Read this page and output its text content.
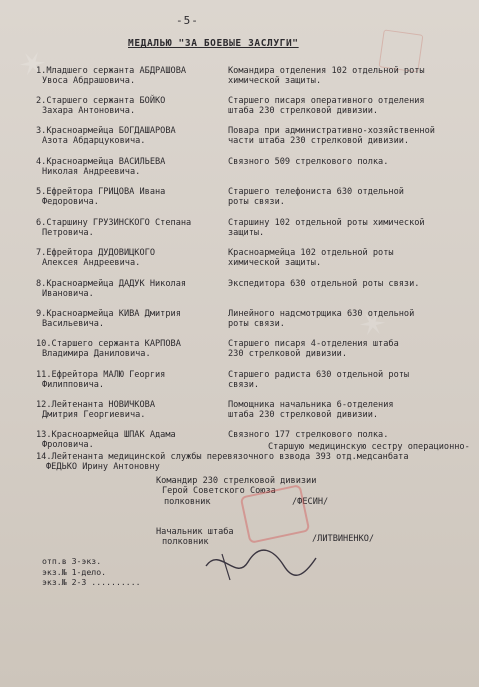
✶
✶
-5-
МЕДАЛЬЮ "ЗА БОЕВЫЕ ЗАСЛУГИ"
1.Младшего сержанта АБДРАШОВА
Увоса Абдрашовича.
Командира отделения 102 отдельной роты
химической защиты.
2.Старшего сержанта БОЙКО
Захара Антоновича.
Старшего писаря оперативного отделения
штаба 230 стрелковой дивизии.
3.Красноармейца БОГДАШАРОВА
Азота Абдарцуковича.
Повара при административно-хозяйственной
части штаба 230 стрелковой дивизии.
4.Красноармейца ВАСИЛЬЕВА
Николая Андреевича.
Связного 509 стрелкового полка.
5.Ефрейтора ГРИЦОВА Ивана
Федоровича.
Старшего телефониста 630 отдельной
роты связи.
6.Старшину ГРУЗИНСКОГО Степана
Петровича.
Старшину 102 отдельной роты химической
защиты.
7.Ефрейтора ДУДОВИЦКОГО
Алексея Андреевича.
Красноармейца 102 отдельной роты
химической защиты.
8.Красноармейца ДАДУК Николая
Ивановича.
Экспедитора 630 отдельной роты связи.
9.Красноармейца КИВА Дмитрия
Васильевича.
Линейного надсмотрщика 630 отдельной
роты связи.
10.Старшего сержанта КАРПОВА
Владимира Даниловича.
Старшего писаря 4-отделения штаба
230 стрелковой дивизии.
11.Ефрейтора МАЛЮ Георгия
Филипповича.
Старшего радиста 630 отдельной роты
связи.
12.Лейтенанта НОВИЧКОВА
Дмитрия Георгиевича.
Помощника начальника 6-отделения
штаба 230 стрелковой дивизии.
13.Красноармейца ШПАК Адама
Фроловича.
Связного 177 стрелкового полка.
Старшую медицинскую сестру операционно-
14.Лейтенанта медицинской службы перевязочного взвода 393 отд.медсанбата
ФЕДЬКО Ирину Антоновну
Командир 230 стрелковой дивизии
Герой Советского Союза
полковник	/ФЕСИН/
Начальник штаба
полковник	/ЛИТВИНЕНКО/
отп.в 3-экз.
экз.№ 1-дело.
экз.№ 2-3 ..........
